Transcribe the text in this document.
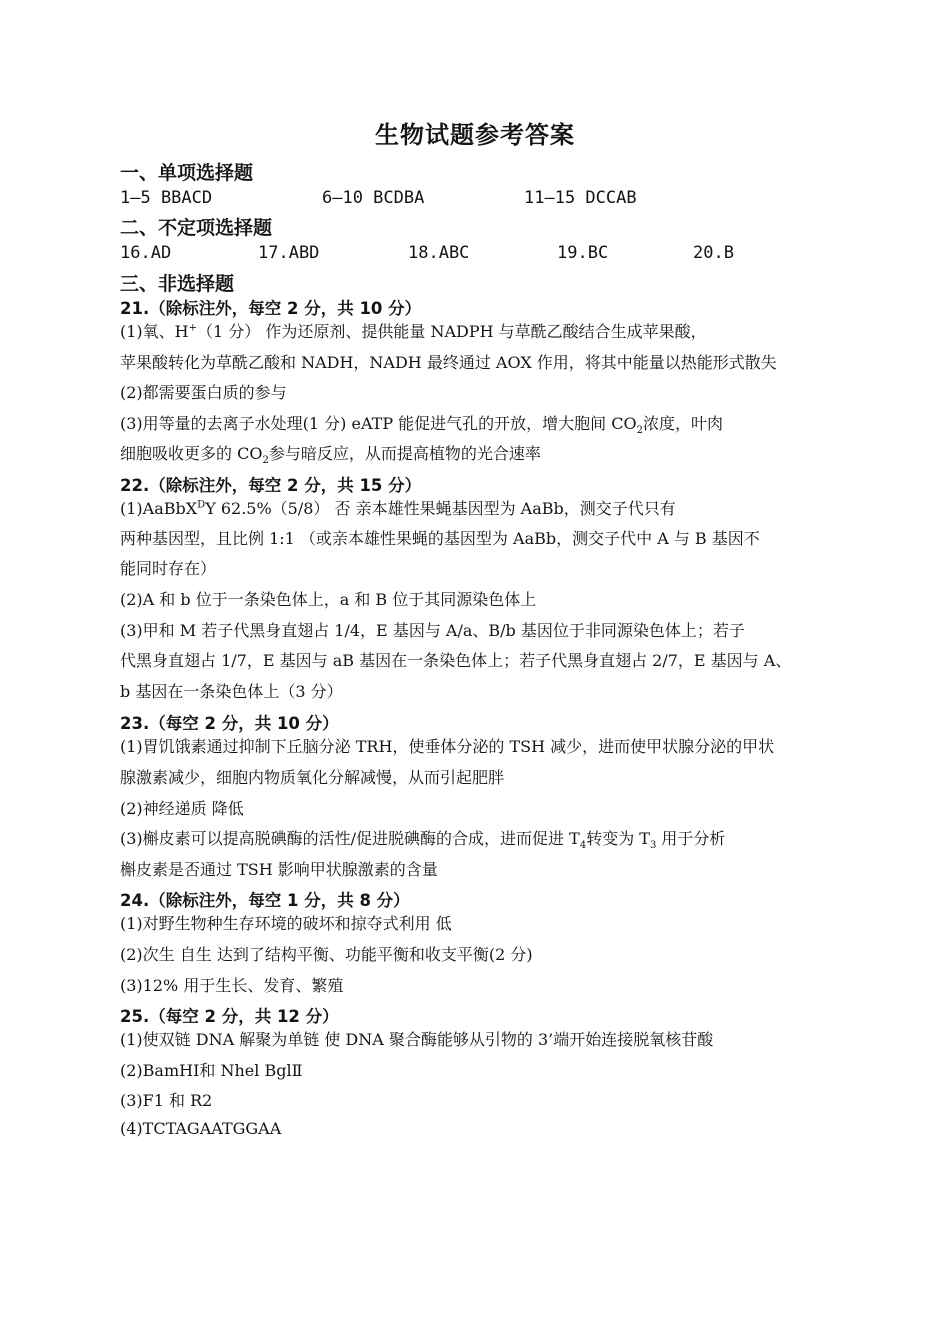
生物试题参考答案
一、单项选择题
1—5 BBACD	6—10 BCDBA	11—15 DCCAB
二、不定项选择题
16.AD	17.ABD	18.ABC	19.BC	20.B
三、非选择题
21.（除标注外，每空 2 分，共 10 分）
(1)氧、H+（1 分） 作为还原剂、提供能量 NADPH 与草酰乙酸结合生成苹果酸，
苹果酸转化为草酰乙酸和 NADH，NADH 最终通过 AOX 作用，将其中能量以热能形式散失
(2)都需要蛋白质的参与
(3)用等量的去离子水处理(1 分) eATP 能促进气孔的开放，增大胞间 $CO_2$浓度，叶肉
细胞吸收更多的 $CO_2$参与暗反应，从而提高植物的光合速率
22.（除标注外，每空 2 分，共 15 分）
(1)AaBbX$^D$Y 62.5%（5/8） 否 亲本雄性果蝇基因型为 AaBb，测交子代只有
两种基因型，且比例 1:1 （或亲本雄性果蝇的基因型为 AaBb，测交子代中 A 与 B 基因不
能同时存在）
(2)A 和 b 位于一条染色体上，a 和 B 位于其同源染色体上
(3)甲和 M 若子代黑身直翅占 1/4，E 基因与 A/a、B/b 基因位于非同源染色体上；若子
代黑身直翅占 1/7，E 基因与 aB 基因在一条染色体上；若子代黑身直翅占 2/7，E 基因与 A、
b 基因在一条染色体上（3 分）
23.（每空 2 分，共 10 分）
(1)胃饥饿素通过抑制下丘脑分泌 TRH，使垂体分泌的 TSH 减少，进而使甲状腺分泌的甲状
腺激素减少，细胞内物质氧化分解减慢，从而引起肥胖
(2)神经递质 降低
(3)槲皮素可以提高脱碘酶的活性/促进脱碘酶的合成，进而促进 $T_4$转变为 $T_3$ 用于分析
槲皮素是否通过 TSH 影响甲状腺激素的含量
24.（除标注外，每空 1 分，共 8 分）
(1)对野生物种生存环境的破坏和掠夺式利用 低
(2)次生 自生 达到了结构平衡、功能平衡和收支平衡(2 分)
(3)12% 用于生长、发育、繁殖
25.（每空 2 分，共 12 分）
(1)使双链 DNA 解聚为单链 使 DNA 聚合酶能够从引物的 3’端开始连接脱氧核苷酸
(2)BamHⅠ和 Nhel BglⅡ
(3)F1 和 R2
(4)TCTAGAATGGAA
